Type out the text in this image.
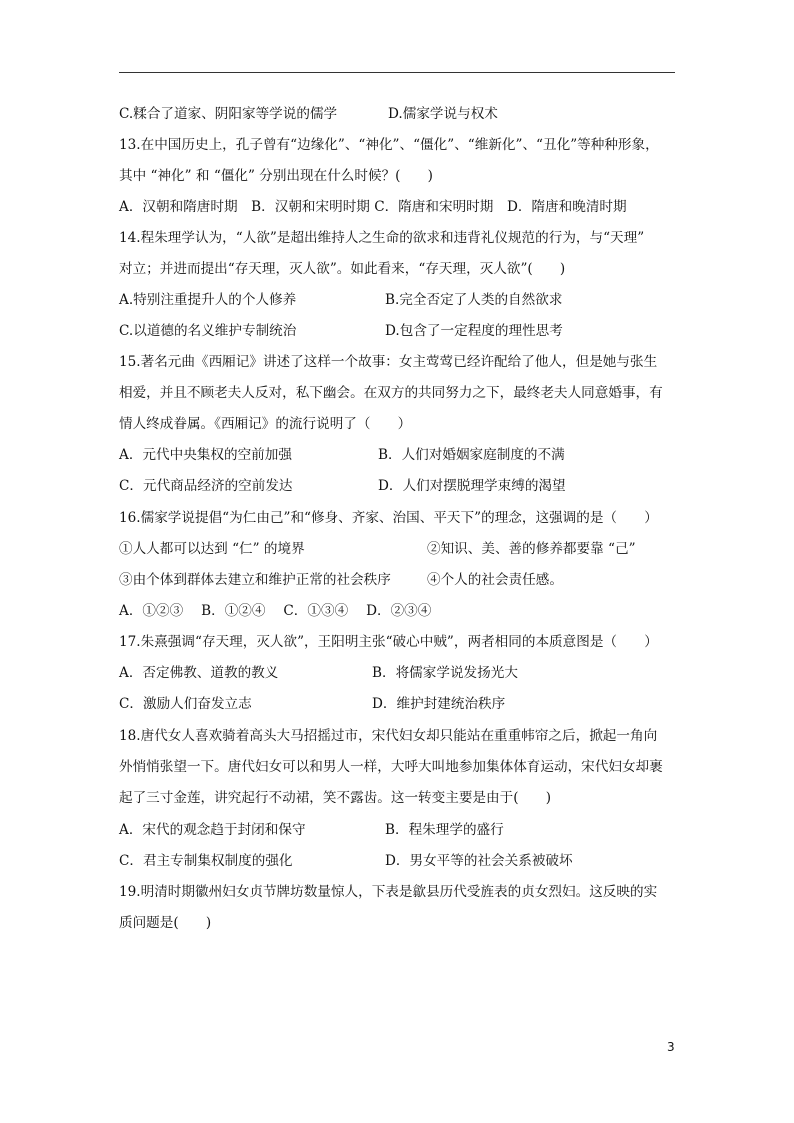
C.糅合了道家、阴阳家等学说的儒学	D.儒家学说与权术
13.在中国历史上，孔子曾有“边缘化”、“神化”、“僵化”、“维新化”、“丑化”等种种形象，
其中 “神化” 和 “僵化” 分别出现在什么时候？(　　)
A．汉朝和隋唐时期　B．汉朝和宋明时期 C．隋唐和宋明时期　D．隋唐和晚清时期
14.程朱理学认为，“人欲”是超出维持人之生命的欲求和违背礼仪规范的行为，与“天理”
对立；并进而提出“存天理，灭人欲”。如此看来，“存天理，灭人欲”(　　)
A.特别注重提升人的个人修养	B.完全否定了人类的自然欲求
C.以道德的名义维护专制统治	D.包含了一定程度的理性思考
15.著名元曲《西厢记》讲述了这样一个故事：女主莺莺已经许配给了他人，但是她与张生
相爱，并且不顾老夫人反对，私下幽会。在双方的共同努力之下，最终老夫人同意婚事，有
情人终成眷属。《西厢记》的流行说明了（　　）
A．元代中央集权的空前加强	B．人们对婚姻家庭制度的不满
C．元代商品经济的空前发达	D．人们对摆脱理学束缚的渴望
16.儒家学说提倡“为仁由己”和“修身、齐家、治国、平天下”的理念，这强调的是（　　）
①人人都可以达到 “仁” 的境界	②知识、美、善的修养都要靠 “己”
③由个体到群体去建立和维护正常的社会秩序	④个人的社会责任感。
A．①②③　 B．①②④　 C．①③④　 D．②③④
17.朱熹强调“存天理，灭人欲”，王阳明主张“破心中贼”，两者相同的本质意图是（　　）
A．否定佛教、道教的教义	B．将儒家学说发扬光大
C．激励人们奋发立志	D．维护封建统治秩序
18.唐代女人喜欢骑着高头大马招摇过市，宋代妇女却只能站在重重帏帘之后，掀起一角向
外悄悄张望一下。唐代妇女可以和男人一样，大呼大叫地参加集体体育运动，宋代妇女却裹
起了三寸金莲，讲究起行不动裙，笑不露齿。这一转变主要是由于(　　)
A．宋代的观念趋于封闭和保守	B．程朱理学的盛行
C．君主专制集权制度的强化	D．男女平等的社会关系被破坏
19.明清时期徽州妇女贞节牌坊数量惊人，下表是歙县历代受旌表的贞女烈妇。这反映的实
质问题是(　　)
3
